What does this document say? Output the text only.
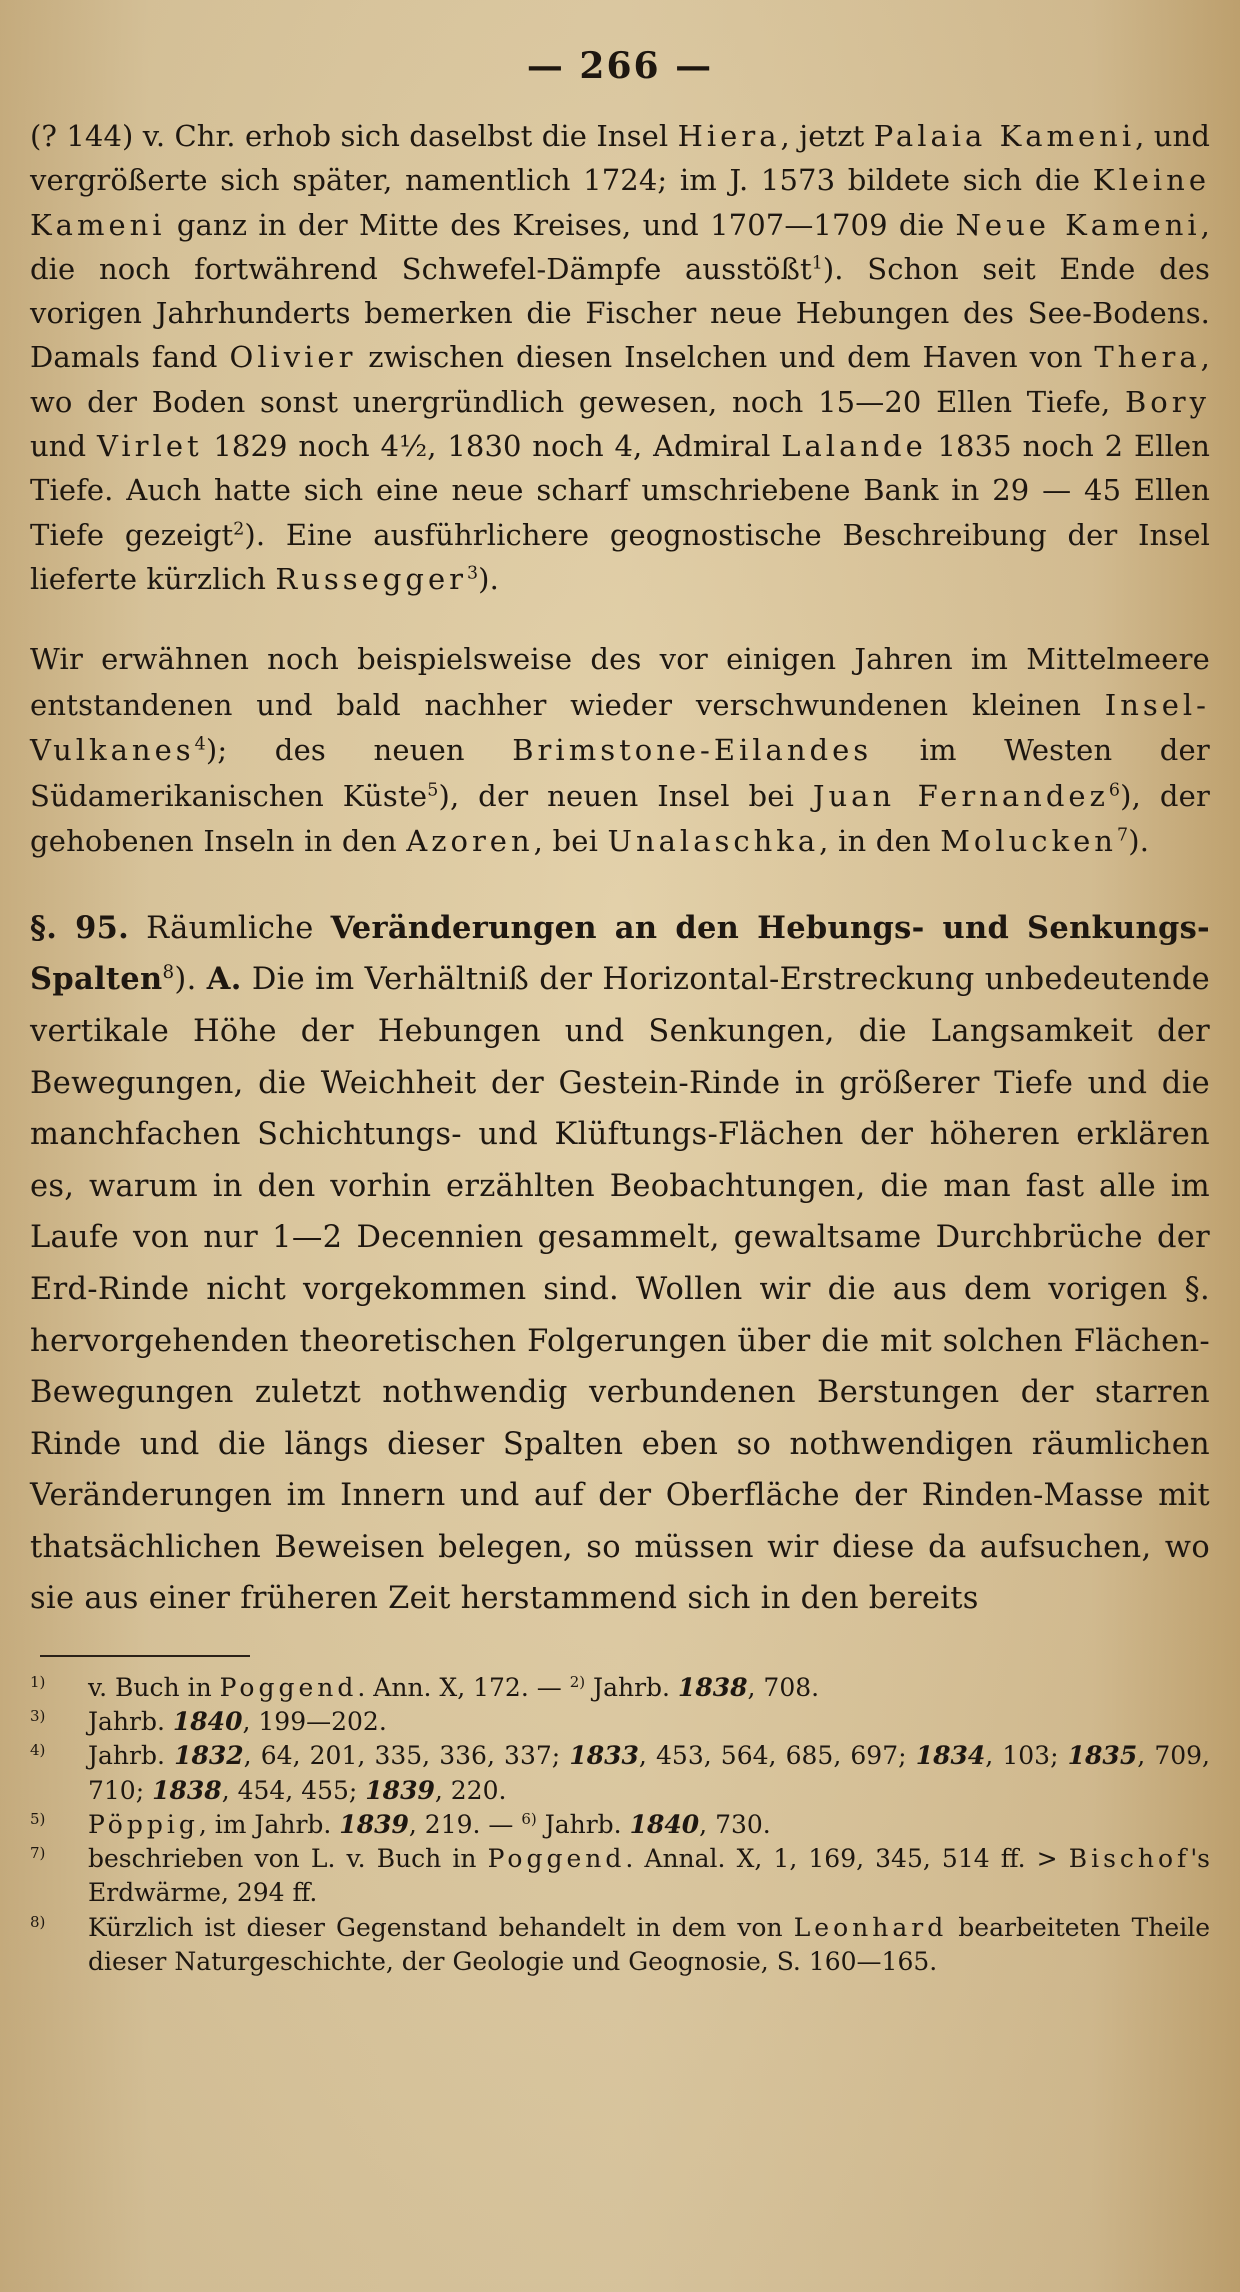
— 266 —
(? 144) v. Chr. erhob sich daselbst die Insel Hiera, jetzt Palaia Kameni, und vergrößerte sich später, namentlich 1724; im J. 1573 bildete sich die Kleine Kameni ganz in der Mitte des Kreises, und 1707—1709 die Neue Kameni, die noch fortwährend Schwefel-Dämpfe ausstößt$^1$). Schon seit Ende des vorigen Jahrhunderts bemerken die Fischer neue Hebungen des See-Bodens. Damals fand Olivier zwischen diesen Inselchen und dem Haven von Thera, wo der Boden sonst unergründlich gewesen, noch 15—20 Ellen Tiefe, Bory und Virlet 1829 noch 4½, 1830 noch 4, Admiral Lalande 1835 noch 2 Ellen Tiefe. Auch hatte sich eine neue scharf umschriebene Bank in 29 — 45 Ellen Tiefe gezeigt$^2$). Eine ausführlichere geognostische Beschreibung der Insel lieferte kürzlich Russegger$^3$).
Wir erwähnen noch beispielsweise des vor einigen Jahren im Mittelmeere entstandenen und bald nachher wieder verschwundenen kleinen Insel-Vulkanes$^4$); des neuen Brimstone-Eilandes im Westen der Südamerikanischen Küste$^5$), der neuen Insel bei Juan Fernandez$^6$), der gehobenen Inseln in den Azoren, bei Unalaschka, in den Molucken$^7$).
§. 95. Räumliche Veränderungen an den Hebungs- und Senkungs-Spalten$^8$). A. Die im Verhältniß der Horizontal-Erstreckung unbedeutende vertikale Höhe der Hebungen und Senkungen, die Langsamkeit der Bewegungen, die Weichheit der Gestein-Rinde in größerer Tiefe und die manchfachen Schichtungs- und Klüftungs-Flächen der höheren erklären es, warum in den vorhin erzählten Beobachtungen, die man fast alle im Laufe von nur 1—2 Decennien gesammelt, gewaltsame Durchbrüche der Erd-Rinde nicht vorgekommen sind. Wollen wir die aus dem vorigen §. hervorgehenden theoretischen Folgerungen über die mit solchen Flächen-Bewegungen zuletzt nothwendig verbundenen Berstungen der starren Rinde und die längs dieser Spalten eben so nothwendigen räumlichen Veränderungen im Innern und auf der Oberfläche der Rinden-Masse mit thatsächlichen Beweisen belegen, so müssen wir diese da aufsuchen, wo sie aus einer früheren Zeit herstammend sich in den bereits
$^{1)}$ v. Buch in Poggend. Ann. X, 172. — $^{2)}$ Jahrb. 1838, 708.
$^{3)}$ Jahrb. 1840, 199—202.
$^{4)}$ Jahrb. 1832, 64, 201, 335, 336, 337; 1833, 453, 564, 685, 697; 1834, 103; 1835, 709, 710; 1838, 454, 455; 1839, 220.
$^{5)}$ Pöppig, im Jahrb. 1839, 219. — $^{6)}$ Jahrb. 1840, 730.
$^{7)}$ beschrieben von L. v. Buch in Poggend. Annal. X, 1, 169, 345, 514 ff. > Bischof's Erdwärme, 294 ff.
$^{8)}$ Kürzlich ist dieser Gegenstand behandelt in dem von Leonhard bearbeiteten Theile dieser Naturgeschichte, der Geologie und Geognosie, S. 160—165.
